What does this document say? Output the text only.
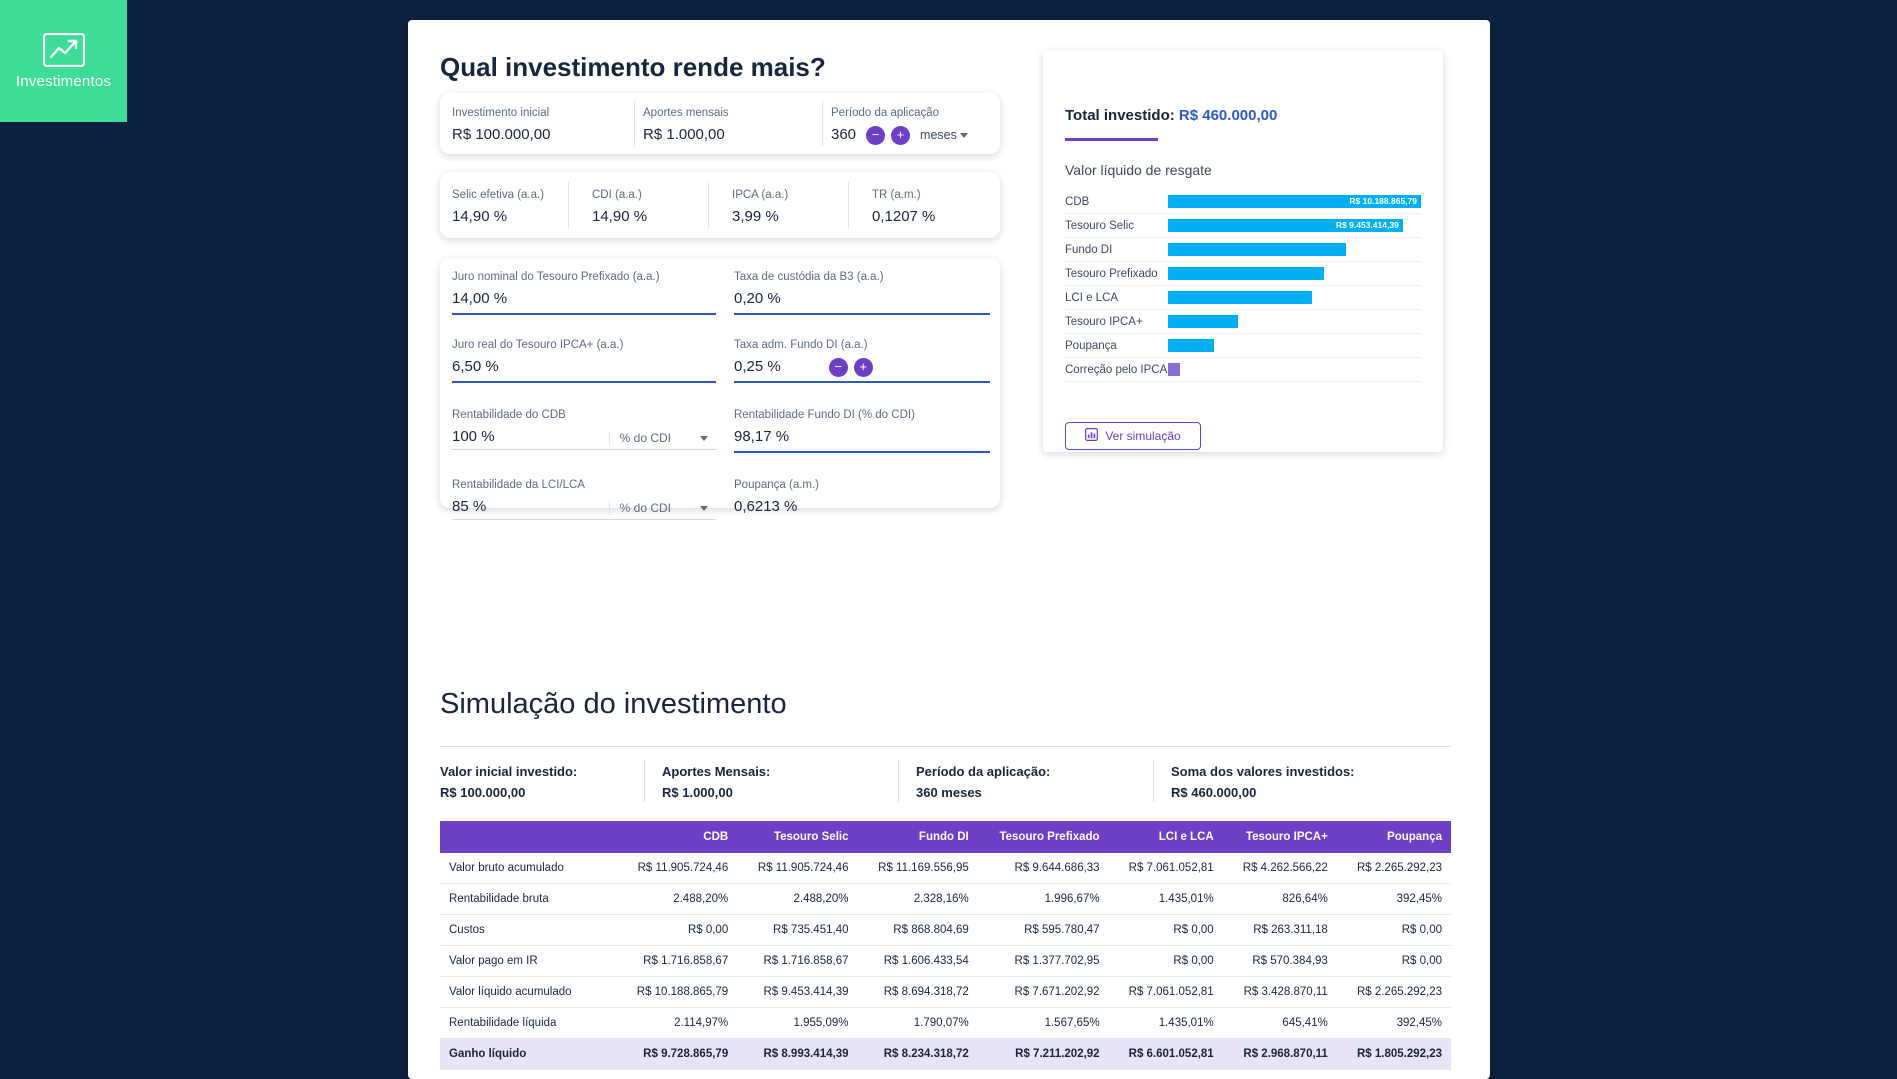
Investimentos	Qual investimento rende mais?
Investimento inicial
R$ 100.000,00
Aportes mensais
R$ 1.000,00
Período da aplicação
360	−	+	meses
Selic efetiva (a.a.)
14,90 %
CDI (a.a.)
14,90 %
IPCA (a.a.)
3,99 %
TR (a.m.)
0,1207 %
Juro nominal do Tesouro Prefixado (a.a.)
14,00 %
Taxa de custódia da B3 (a.a.)
0,20 %
Juro real do Tesouro IPCA+ (a.a.)
6,50 %
Taxa adm. Fundo DI (a.a.)
0,25 %	−	+
Rentabilidade do CDB
100 %	% do CDI
Rentabilidade Fundo DI (% do CDI)
98,17 %
Rentabilidade da LCI/LCA
85 %	% do CDI
Poupança (a.m.)
0,6213 %
Total investido: R$ 460.000,00
Valor líquido de resgate
CDB	R$ 10.188.865,79
Tesouro Selic	R$ 9.453.414,39
Fundo DI
Tesouro Prefixado
LCI e LCA
Tesouro IPCA+
Poupança
Correção pelo IPCA
Ver simulação
Simulação do investimento
Valor inicial investido:
R$ 100.000,00
Aportes Mensais:
R$ 1.000,00
Período da aplicação:
360 meses
Soma dos valores investidos:
R$ 460.000,00
	CDB	Tesouro Selic	Fundo DI	Tesouro Prefixado	LCI e LCA	Tesouro IPCA+	Poupança
Valor bruto acumulado	R$ 11.905.724,46	R$ 11.905.724,46	R$ 11.169.556,95	R$ 9.644.686,33	R$ 7.061.052,81	R$ 4.262.566,22	R$ 2.265.292,23
Rentabilidade bruta	2.488,20%	2.488,20%	2.328,16%	1.996,67%	1.435,01%	826,64%	392,45%
Custos	R$ 0,00	R$ 735.451,40	R$ 868.804,69	R$ 595.780,47	R$ 0,00	R$ 263.311,18	R$ 0,00
Valor pago em IR	R$ 1.716.858,67	R$ 1.716.858,67	R$ 1.606.433,54	R$ 1.377.702,95	R$ 0,00	R$ 570.384,93	R$ 0,00
Valor líquido acumulado	R$ 10.188.865,79	R$ 9.453.414,39	R$ 8.694.318,72	R$ 7.671.202,92	R$ 7.061.052,81	R$ 3.428.870,11	R$ 2.265.292,23
Rentabilidade líquida	2.114,97%	1.955,09%	1.790,07%	1.567,65%	1.435,01%	645,41%	392,45%
Ganho líquido	R$ 9.728.865,79	R$ 8.993.414,39	R$ 8.234.318,72	R$ 7.211.202,92	R$ 6.601.052,81	R$ 2.968.870,11	R$ 1.805.292,23
